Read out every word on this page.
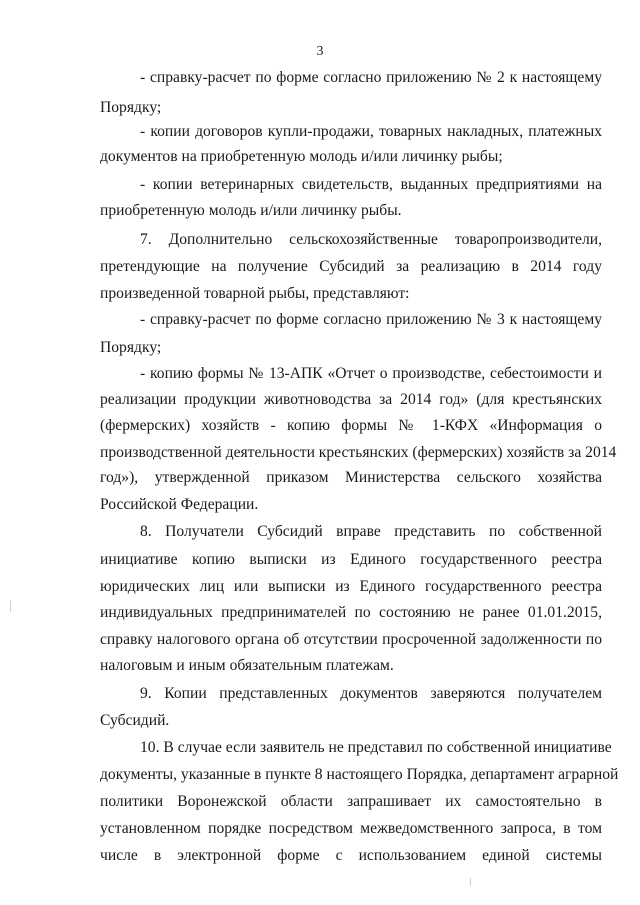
3
- справку-расчет по форме согласно приложению № 2 к настоящему
Порядку;
- копии договоров купли-продажи, товарных накладных, платежных
документов на приобретенную молодь и/или личинку рыбы;
- копии ветеринарных свидетельств, выданных предприятиями на
приобретенную молодь и/или личинку рыбы.
7. Дополнительно сельскохозяйственные товаропроизводители,
претендующие на получение Субсидий за реализацию в 2014 году
произведенной товарной рыбы, представляют:
- справку-расчет по форме согласно приложению № 3 к настоящему
Порядку;
- копию формы № 13-АПК «Отчет о производстве, себестоимости и
реализации продукции животноводства за 2014 год» (для крестьянских
(фермерских) хозяйств - копию формы № 1-КФХ «Информация о
производственной деятельности крестьянских (фермерских) хозяйств за 2014
год»), утвержденной приказом Министерства сельского хозяйства
Российской Федерации.
8. Получатели Субсидий вправе представить по собственной
инициативе копию выписки из Единого государственного реестра
юридических лиц или выписки из Единого государственного реестра
индивидуальных предпринимателей по состоянию не ранее 01.01.2015,
справку налогового органа об отсутствии просроченной задолженности по
налоговым и иным обязательным платежам.
9. Копии представленных документов заверяются получателем
Субсидий.
10. В случае если заявитель не представил по собственной инициативе
документы, указанные в пункте 8 настоящего Порядка, департамент аграрной
политики Воронежской области запрашивает их самостоятельно в
установленном порядке посредством межведомственного запроса, в том
числе в электронной форме с использованием единой системы
